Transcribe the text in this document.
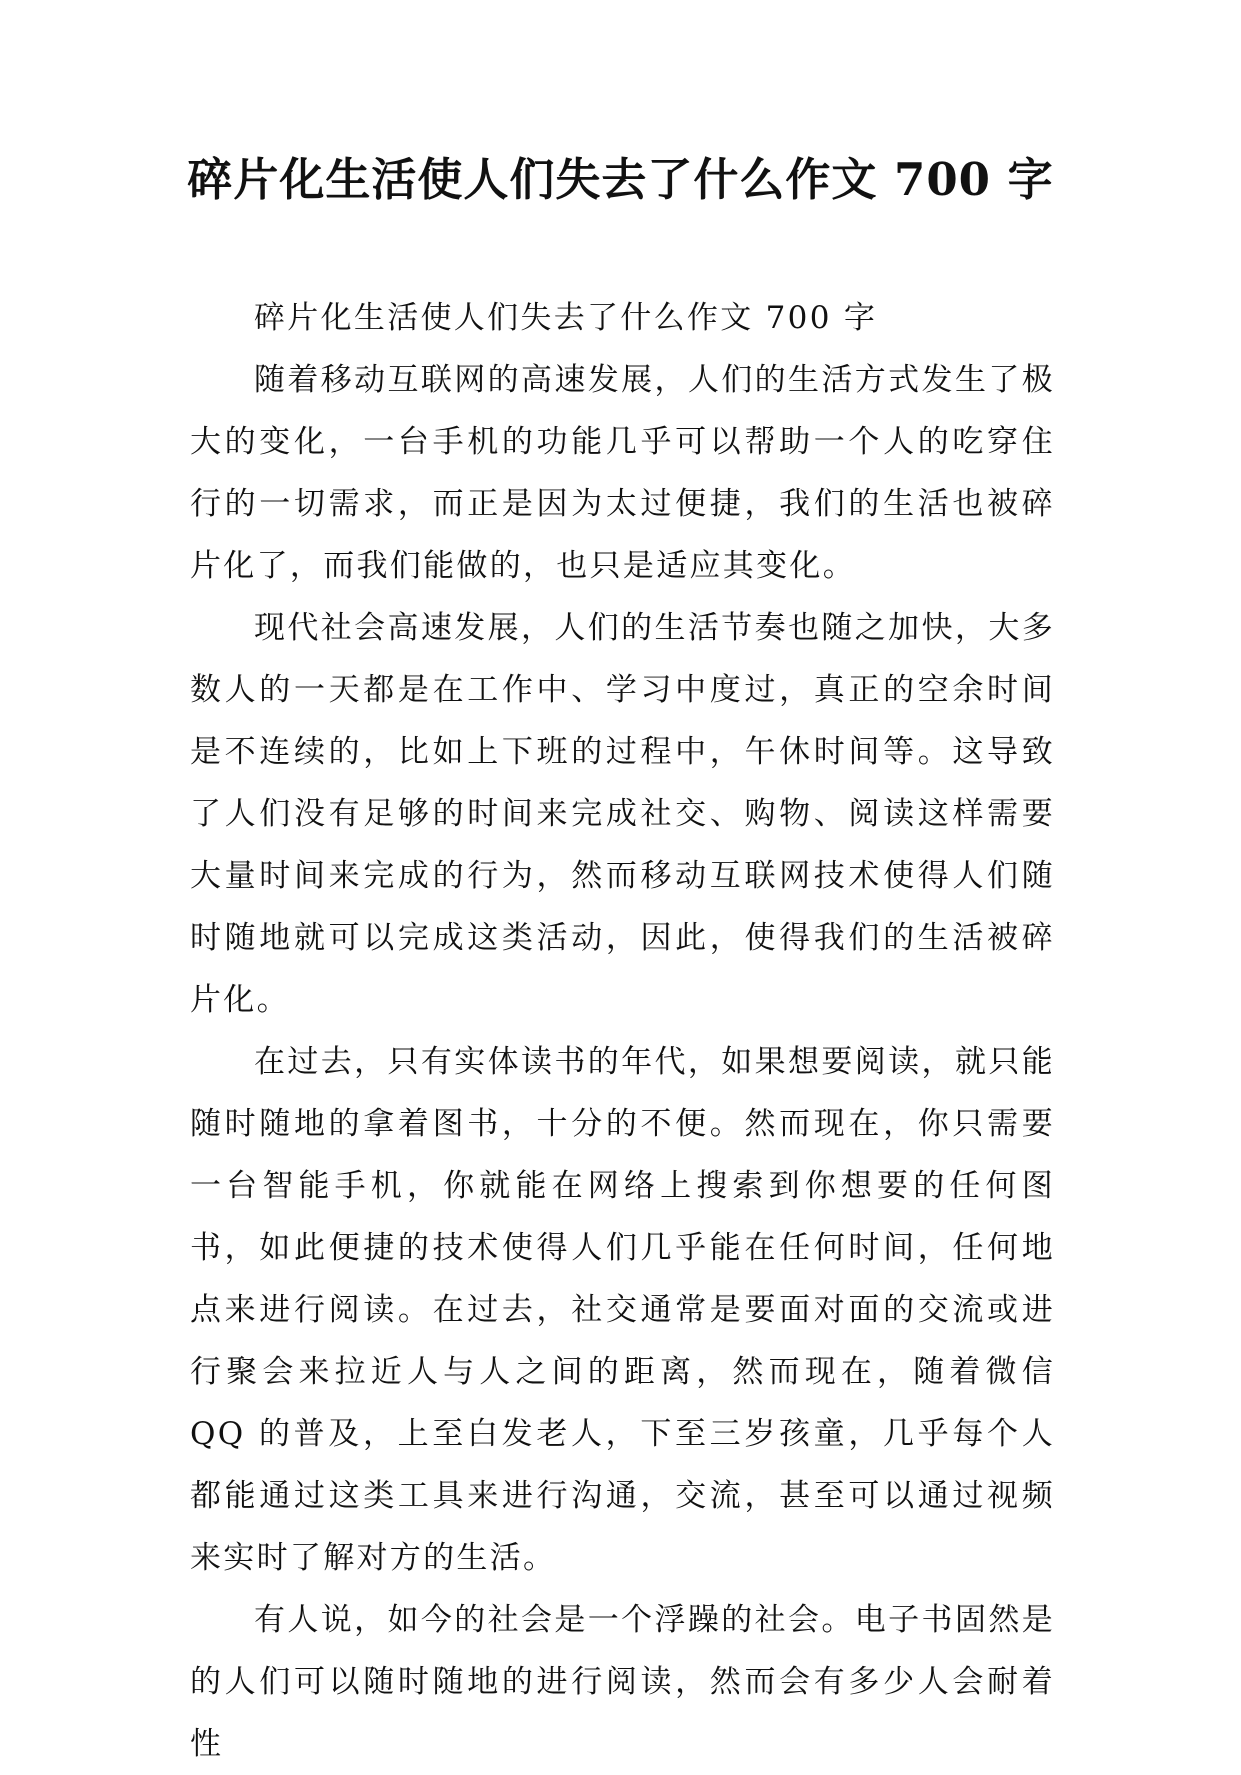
碎片化生活使人们失去了什么作文 700 字

碎片化生活使人们失去了什么作文 700 字

随着移动互联网的高速发展，人们的生活方式发生了极大的变化，一台手机的功能几乎可以帮助一个人的吃穿住行的一切需求，而正是因为太过便捷，我们的生活也被碎片化了，而我们能做的，也只是适应其变化。

现代社会高速发展，人们的生活节奏也随之加快，大多数人的一天都是在工作中、学习中度过，真正的空余时间是不连续的，比如上下班的过程中，午休时间等。这导致了人们没有足够的时间来完成社交、购物、阅读这样需要大量时间来完成的行为，然而移动互联网技术使得人们随时随地就可以完成这类活动，因此，使得我们的生活被碎片化。

在过去，只有实体读书的年代，如果想要阅读，就只能随时随地的拿着图书，十分的不便。然而现在，你只需要一台智能手机，你就能在网络上搜索到你想要的任何图书，如此便捷的技术使得人们几乎能在任何时间，任何地点来进行阅读。在过去，社交通常是要面对面的交流或进行聚会来拉近人与人之间的距离，然而现在，随着微信 QQ 的普及，上至白发老人，下至三岁孩童，几乎每个人都能通过这类工具来进行沟通，交流，甚至可以通过视频来实时了解对方的生活。

有人说，如今的社会是一个浮躁的社会。电子书固然是的人们可以随时随地的进行阅读，然而会有多少人会耐着性
